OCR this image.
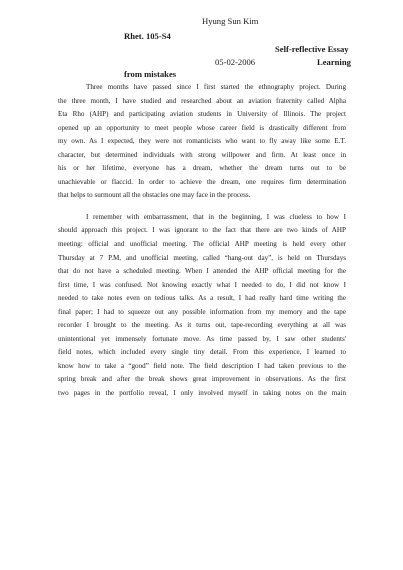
Hyung Sun Kim
Rhet. 105-S4
Self-reflective Essay
05-02-2006	Learning
from mistakes
Three months have passed since I first started the ethnography project. During
the three month, I have studied and researched about an aviation fraternity called Alpha
Eta Rho (AHP) and participating aviation students in University of Illinois. The project
opened up an opportunity to meet people whose career field is drastically different from
my own. As I expected, they were not romanticists who want to fly away like some E.T.
character, but determined individuals with strong willpower and firm. At least once in
his or her lifetime, everyone has a dream, whether the dream turns out to be
unachievable or flaccid. In order to achieve the dream, one requires firm determination
that helps to surmount all the obstacles one may face in the process.
I remember with embarrassment, that in the beginning, I was clueless to how I
should approach this project. I was ignorant to the fact that there are two kinds of AHP
meeting: official and unofficial meeting. The official AHP meeting is held every other
Thursday at 7 P.M, and unofficial meeting, called “hang-out day”, is held on Thursdays
that do not have a scheduled meeting. When I attended the AHP official meeting for the
first time, I was confused. Not knowing exactly what I needed to do, I did not know I
needed to take notes even on tedious talks. As a result, I had really hard time writing the
final paper; I had to squeeze out any possible information from my memory and the tape
recorder I brought to the meeting. As it turns out, tape-recording everything at all was
unintentional yet immensely fortunate move. As time passed by, I saw other students'
field notes, which included every single tiny detail. From this experience, I learned to
know how to take a “good” field note. The field description I had taken previous to the
spring break and after the break shows great improvement in observations. As the first
two pages in the portfolio reveal, I only involved myself in taking notes on the main
